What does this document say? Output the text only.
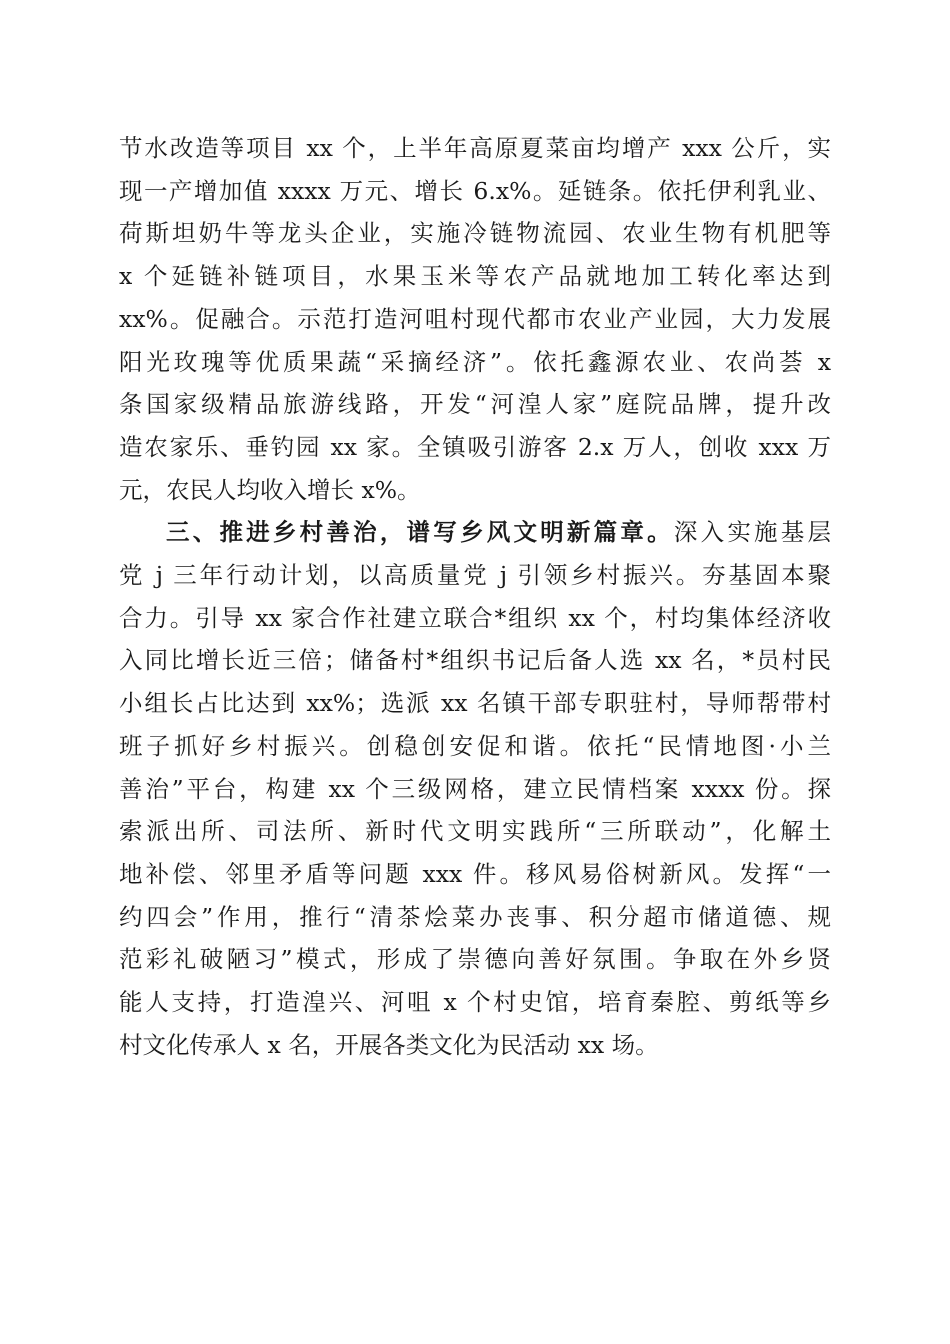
节水改造等项目 xx 个，上半年高原夏菜亩均增产 xxx 公斤，实
现一产增加值 xxxx 万元、增长 6.x%。延链条。依托伊利乳业、
荷斯坦奶牛等龙头企业，实施冷链物流园、农业生物有机肥等
x 个延链补链项目，水果玉米等农产品就地加工转化率达到
xx%。促融合。示范打造河咀村现代都市农业产业园，大力发展
阳光玫瑰等优质果蔬“采摘经济”。依托鑫源农业、农尚荟 x
条国家级精品旅游线路，开发“河湟人家”庭院品牌，提升改
造农家乐、垂钓园 xx 家。全镇吸引游客 2.x 万人，创收 xxx 万
元，农民人均收入增长 x%。
三、推进乡村善治，谱写乡风文明新篇章。深入实施基层
党 j 三年行动计划，以高质量党 j 引领乡村振兴。夯基固本聚
合力。引导 xx 家合作社建立联合*组织 xx 个，村均集体经济收
入同比增长近三倍；储备村*组织书记后备人选 xx 名，*员村民
小组长占比达到 xx%；选派 xx 名镇干部专职驻村，导师帮带村
班子抓好乡村振兴。创稳创安促和谐。依托“民情地图·小兰
善治”平台，构建 xx 个三级网格，建立民情档案 xxxx 份。探
索派出所、司法所、新时代文明实践所“三所联动”，化解土
地补偿、邻里矛盾等问题 xxx 件。移风易俗树新风。发挥“一
约四会”作用，推行“清茶烩菜办丧事、积分超市储道德、规
范彩礼破陋习”模式，形成了崇德向善好氛围。争取在外乡贤
能人支持，打造湟兴、河咀 x 个村史馆，培育秦腔、剪纸等乡
村文化传承人 x 名，开展各类文化为民活动 xx 场。
